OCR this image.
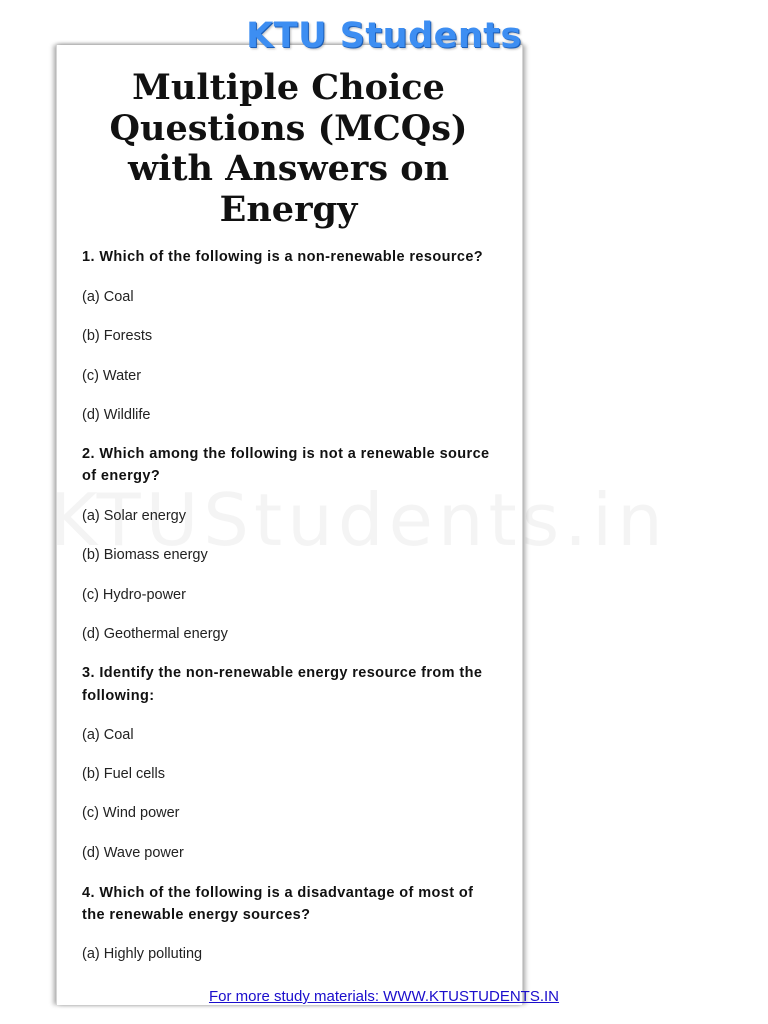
KTU Students
Multiple Choice
Questions (MCQs)
with Answers on
Energy
1. Which of the following is a non-renewable resource?
(a) Coal
(b) Forests
(c) Water
(d) Wildlife
2. Which among the following is not a renewable source
of energy?
(a) Solar energy
(b) Biomass energy
(c) Hydro-power
(d) Geothermal energy
3. Identify the non-renewable energy resource from the
following:
(a) Coal
(b) Fuel cells
(c) Wind power
(d) Wave power
4. Which of the following is a disadvantage of most of
the renewable energy sources?
(a) Highly polluting
For more study materials: WWW.KTUSTUDENTS.IN
